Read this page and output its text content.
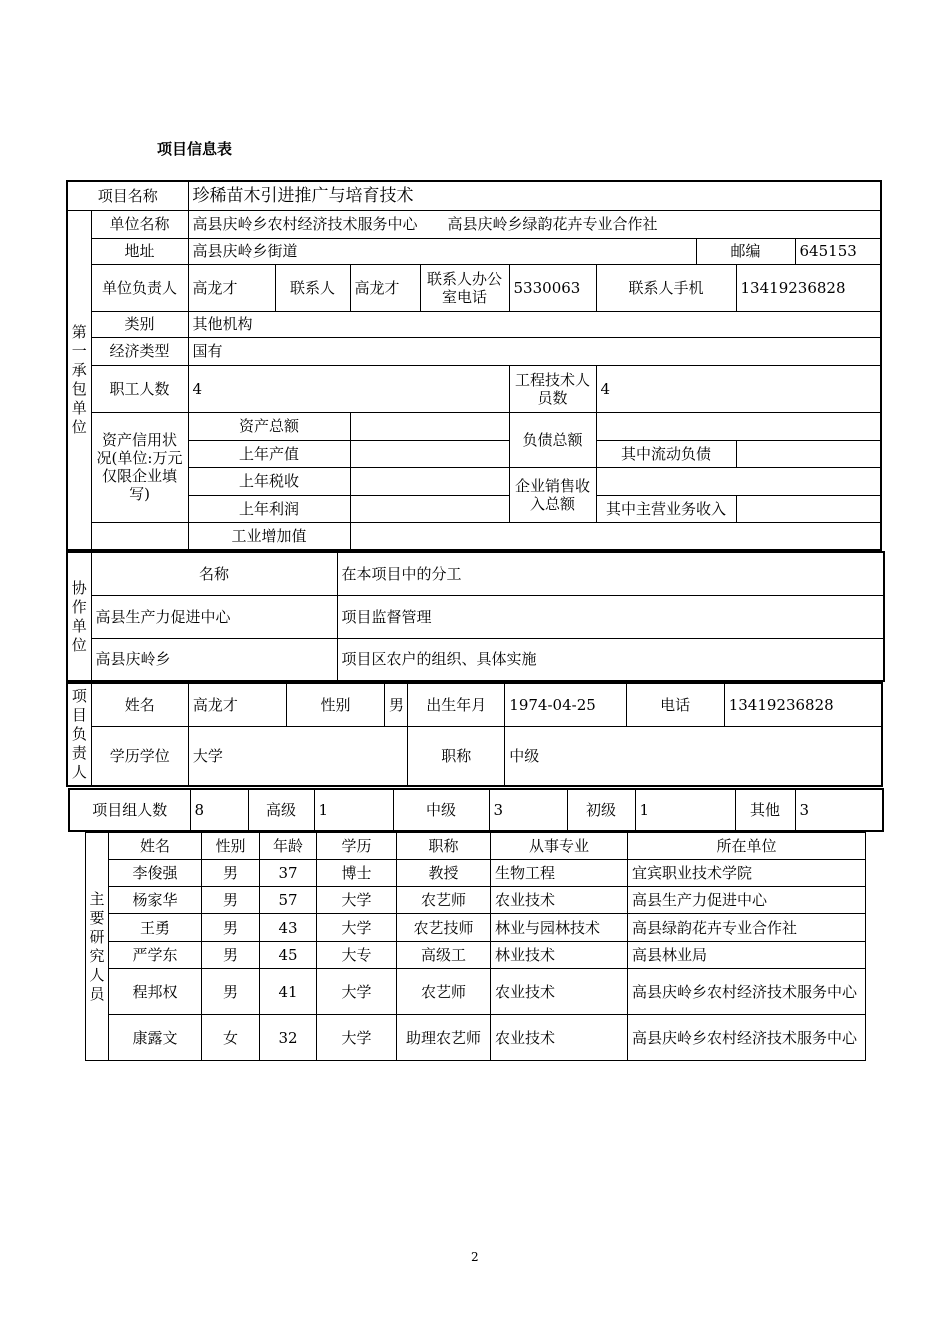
项目信息表
项目名称		珍稀苗木引进推广与培育技术								

第一承包单位	单位名称	高县庆岭乡农村经济技术服务中心　　高县庆岭乡绿韵花卉专业合作社								
	地址	高县庆岭乡街道						邮编		645153
	单位负责人	高龙才	联系人	高龙才	联系人办公室电话	5330063	联系人手机		13419236828	
	类别	其他机构								
	经济类型	国有								
	职工人数	4				工程技术人员数	4			
	资产信用状况(单位:万元仅限企业填写)	资产总额				负债总额				
		上年产值					其中流动负债			
		上年税收				企业销售收入总额				
		上年利润					其中主营业务收入			
		工业增加值								
协作单位	名称	在本项目中的分工
	高县生产力促进中心	项目监督管理
	高县庆岭乡	项目区农户的组织、具体实施
项目负责人	姓名	高龙才	性别	男	出生年月	1974-04-25	电话	13419236828
	学历学位	大学			职称	中级		
项目组人数	8	高级	1	中级	3	初级	1	其他	3
主要研究人员	姓名	性别	年龄	学历	职称	从事专业	所在单位
	李俊强	男	37	博士	教授	生物工程	宜宾职业技术学院
	杨家华	男	57	大学	农艺师	农业技术	高县生产力促进中心
	王勇	男	43	大学	农艺技师	林业与园林技术	高县绿韵花卉专业合作社
	严学东	男	45	大专	高级工	林业技术	高县林业局
	程邦权	男	41	大学	农艺师	农业技术	高县庆岭乡农村经济技术服务中心
	康露文	女	32	大学	助理农艺师	农业技术	高县庆岭乡农村经济技术服务中心
2
